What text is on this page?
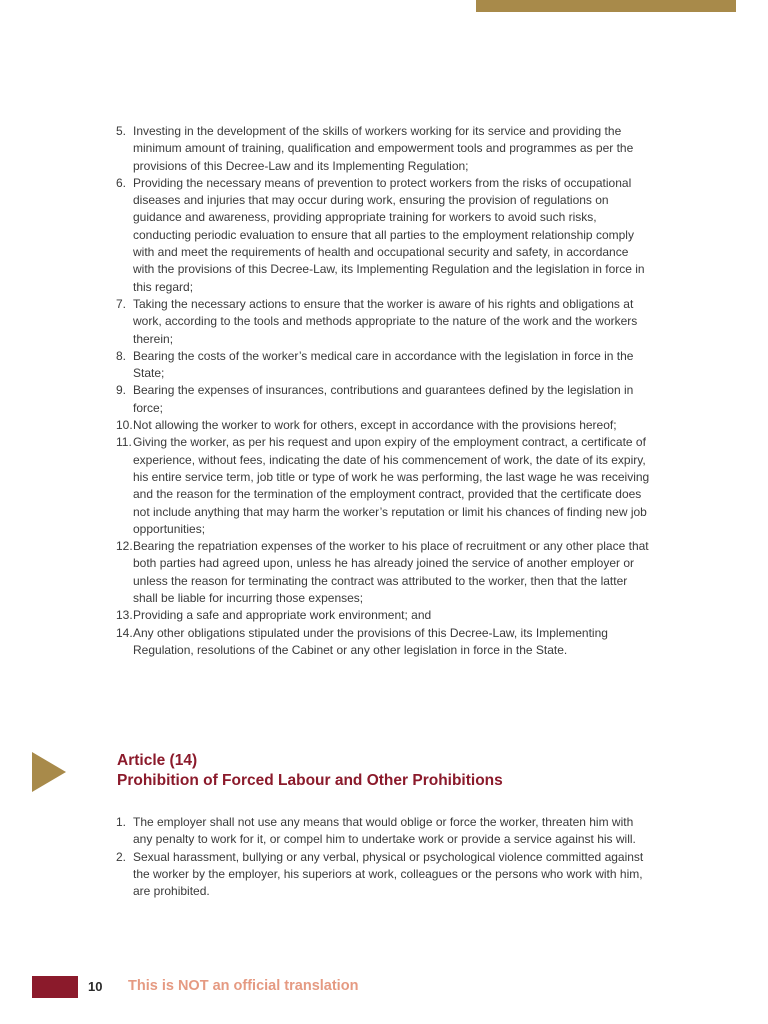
5. Investing in the development of the skills of workers working for its service and providing the minimum amount of training, qualification and empowerment tools and programmes as per the provisions of this Decree-Law and its Implementing Regulation;
6. Providing the necessary means of prevention to protect workers from the risks of occupational diseases and injuries that may occur during work, ensuring the provision of regulations on guidance and awareness, providing appropriate training for workers to avoid such risks, conducting periodic evaluation to ensure that all parties to the employment relationship comply with and meet the requirements of health and occupational security and safety, in accordance with the provisions of this Decree-Law, its Implementing Regulation and the legislation in force in this regard;
7. Taking the necessary actions to ensure that the worker is aware of his rights and obligations at work, according to the tools and methods appropriate to the nature of the work and the workers therein;
8. Bearing the costs of the worker’s medical care in accordance with the legislation in force in the State;
9. Bearing the expenses of insurances, contributions and guarantees defined by the legislation in force;
10. Not allowing the worker to work for others, except in accordance with the provisions hereof;
11. Giving the worker, as per his request and upon expiry of the employment contract, a certificate of experience, without fees, indicating the date of his commencement of work, the date of its expiry, his entire service term, job title or type of work he was performing, the last wage he was receiving and the reason for the termination of the employment contract, provided that the certificate does not include anything that may harm the worker’s reputation or limit his chances of finding new job opportunities;
12. Bearing the repatriation expenses of the worker to his place of recruitment or any other place that both parties had agreed upon, unless he has already joined the service of another employer or unless the reason for terminating the contract was attributed to the worker, then that the latter shall be liable for incurring those expenses;
13. Providing a safe and appropriate work environment; and
14. Any other obligations stipulated under the provisions of this Decree-Law, its Implementing Regulation, resolutions of the Cabinet or any other legislation in force in the State.
Article (14)
Prohibition of Forced Labour and Other Prohibitions
1. The employer shall not use any means that would oblige or force the worker, threaten him with any penalty to work for it, or compel him to undertake work or provide a service against his will.
2. Sexual harassment, bullying or any verbal, physical or psychological violence committed against the worker by the employer, his superiors at work, colleagues or the persons who work with him, are prohibited.
10 This is NOT an official translation
